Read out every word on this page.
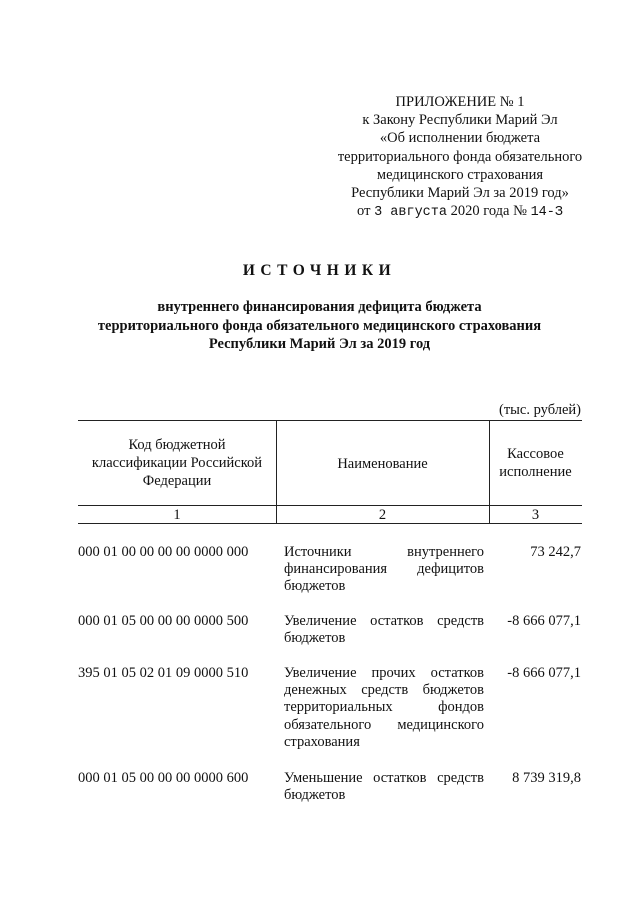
ПРИЛОЖЕНИЕ № 1
к Закону Республики Марий Эл
«Об исполнении бюджета
территориального фонда обязательного
медицинского страхования
Республики Марий Эл за 2019 год»
от 3 августа 2020 года № 14-З
ИСТОЧНИКИ
внутреннего финансирования дефицита бюджета
территориального фонда обязательного медицинского страхования
Республики Марий Эл за 2019 год
(тыс. рублей)
Код бюджетной
классификации Российской
Федерации
Наименование
Кассовое
исполнение
1	2	3
000 01 00 00 00 00 0000 000 Источники внутреннего
финансирования дефицитов
бюджетов
73 242,7
000 01 05 00 00 00 0000 500 Увеличение остатков средств
бюджетов
-8 666 077,1
395 01 05 02 01 09 0000 510 Увеличение прочих остатков
денежных средств бюджетов
территориальных фондов
обязательного медицинского
страхования
-8 666 077,1
000 01 05 00 00 00 0000 600 Уменьшение остатков средств
бюджетов
8 739 319,8
